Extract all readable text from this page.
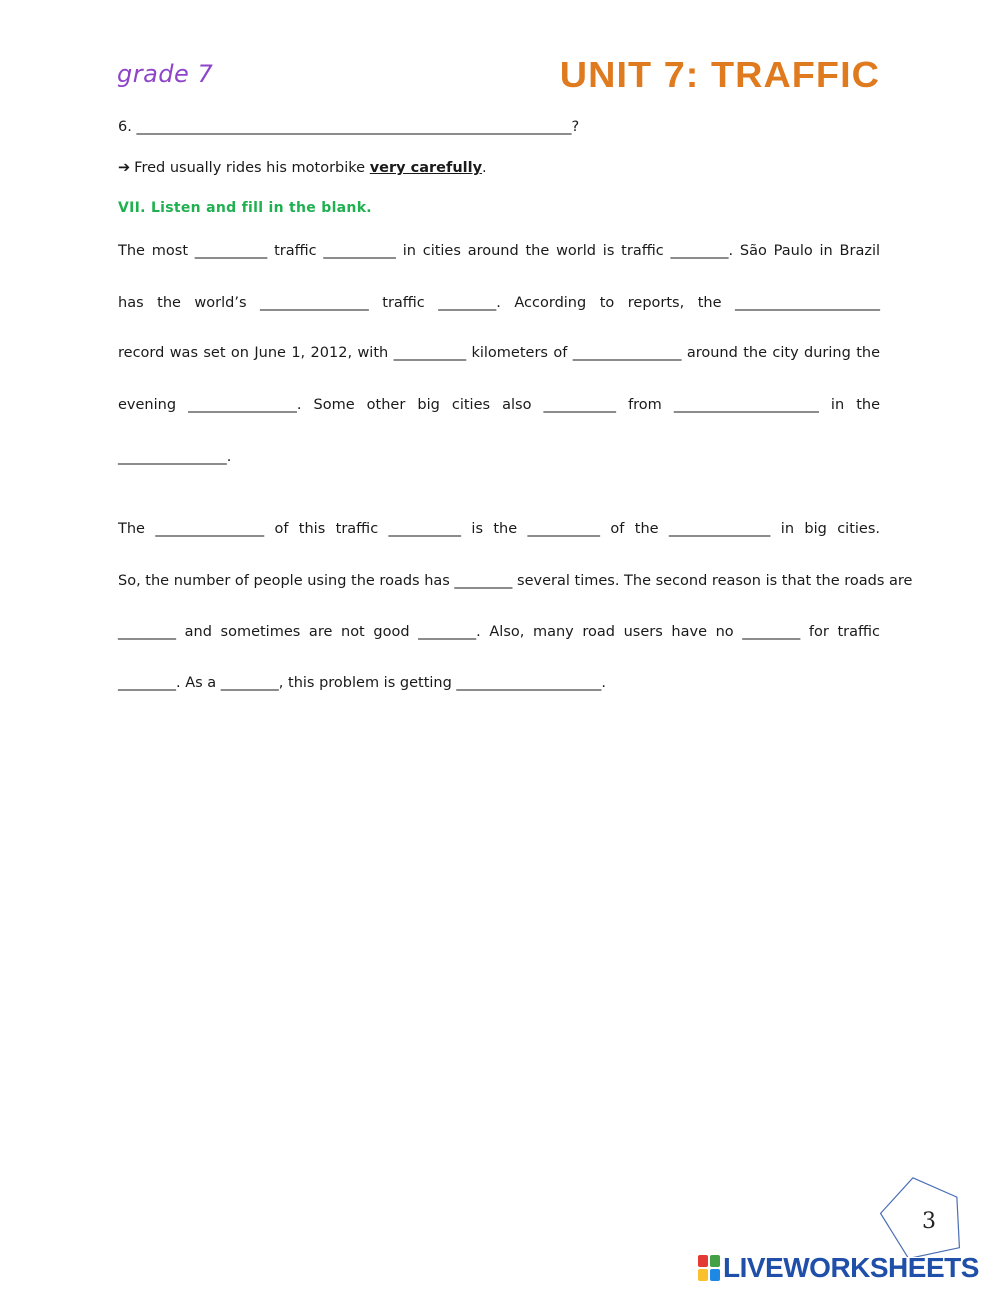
grade 7	UNIT 7: TRAFFIC
6. ____________________________________________________________?
➔ Fred usually rides his motorbike very carefully.
VII. Listen and fill in the blank.
The most __________ traffic __________ in cities around the world is traffic ________. São Paulo in Brazil
has the world’s _______________ traffic ________. According to reports, the ____________________
record was set on June 1, 2012, with __________ kilometers of _______________ around the city during the
evening _______________. Some other big cities also __________ from ____________________ in the
_______________.
The _______________ of this traffic __________ is the __________ of the ______________ in big cities.
So, the number of people using the roads has ________ several times. The second reason is that the roads are
________ and sometimes are not good ________. Also, many road users have no ________ for traffic
________. As a ________, this problem is getting ____________________.
3
LIVEWORKSHEETS
